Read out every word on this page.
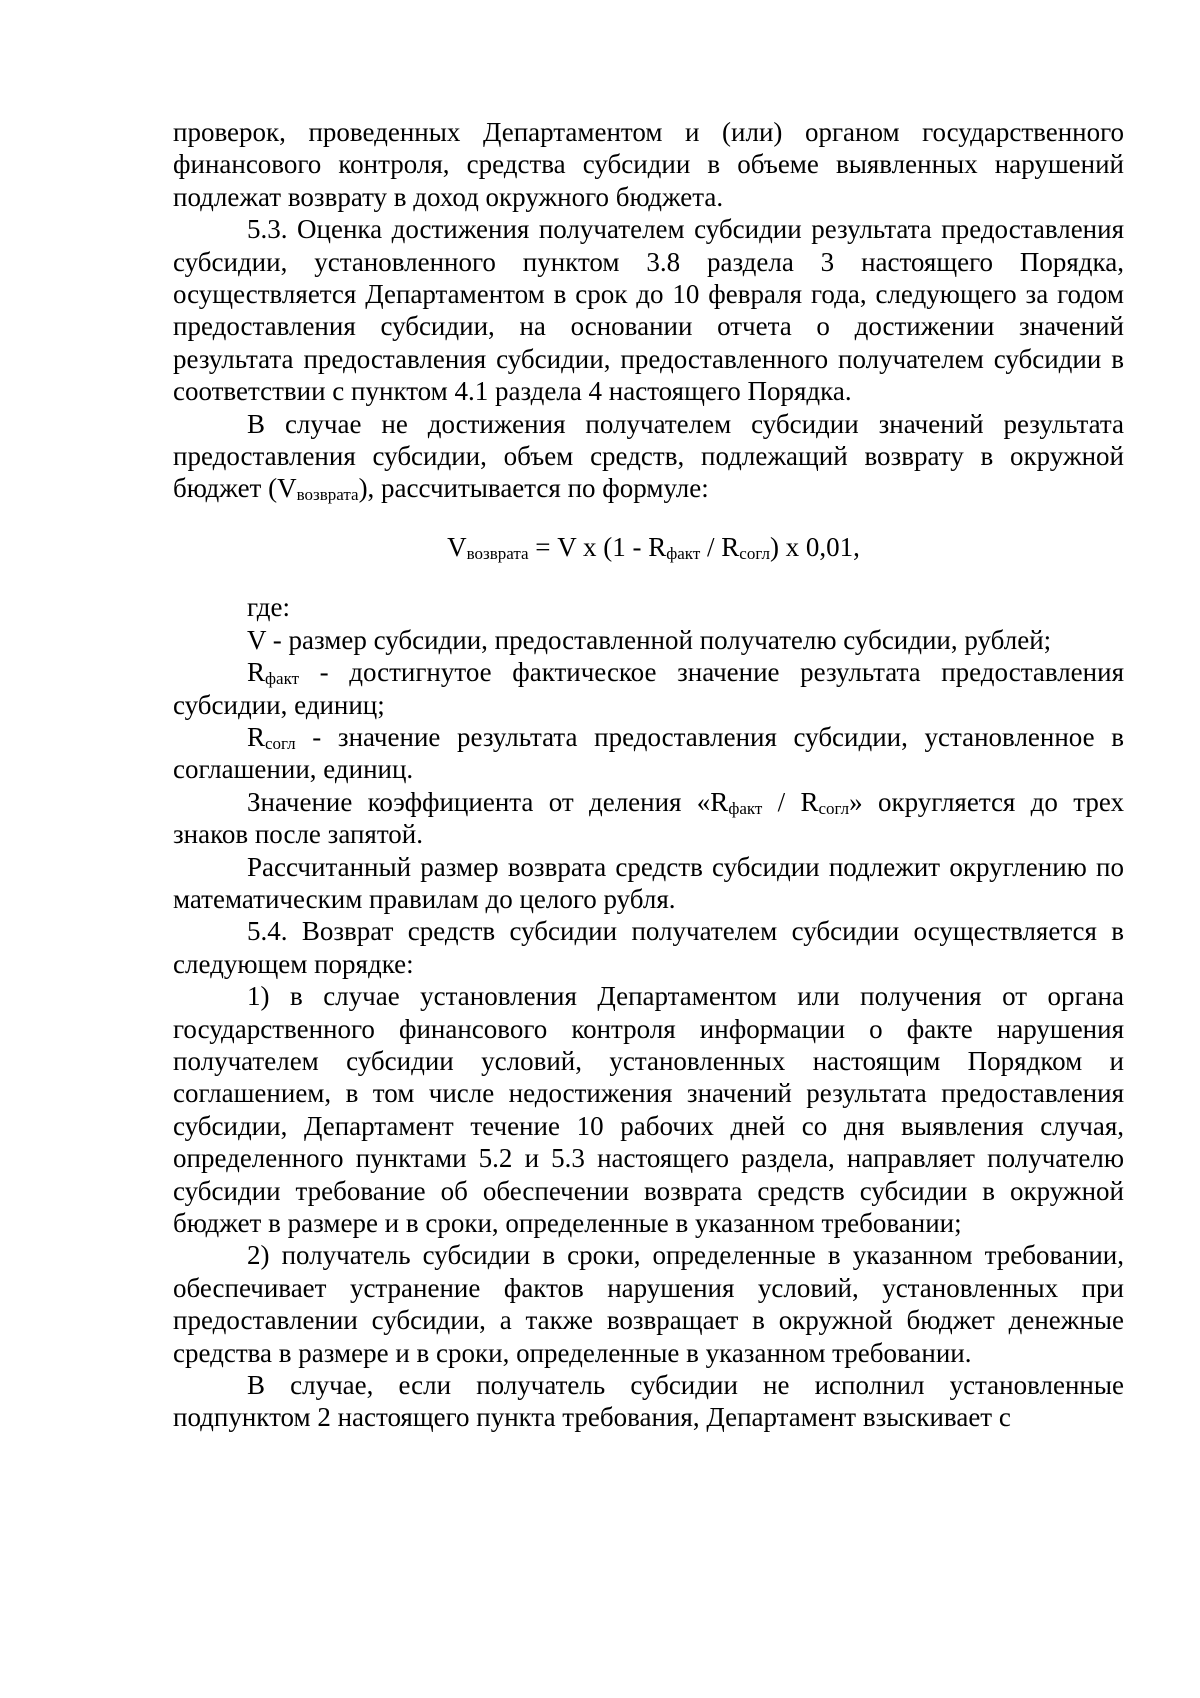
проверок, проведенных Департаментом и (или) органом государственного финансового контроля, средства субсидии в объеме выявленных нарушений подлежат возврату в доход окружного бюджета.

5.3. Оценка достижения получателем субсидии результата предоставления субсидии, установленного пунктом 3.8 раздела 3 настоящего Порядка, осуществляется Департаментом в срок до 10 февраля года, следующего за годом предоставления субсидии, на основании отчета о достижении значений результата предоставления субсидии, предоставленного получателем субсидии в соответствии с пунктом 4.1 раздела 4 настоящего Порядка.

В случае не достижения получателем субсидии значений результата предоставления субсидии, объем средств, подлежащий возврату в окружной бюджет $(V_{возврата})$, рассчитывается по формуле:

$V_{возврата} = V$ x $(1 - R_{факт} / R_{согл})$ x 0,01,

где:

V - размер субсидии, предоставленной получателю субсидии, рублей;

$R_{факт}$ - достигнутое фактическое значение результата предоставления субсидии, единиц;

$R_{согл}$ - значение результата предоставления субсидии, установленное в соглашении, единиц.

Значение коэффициента от деления «$R_{факт} / R_{согл}$» округляется до трех знаков после запятой.

Рассчитанный размер возврата средств субсидии подлежит округлению по математическим правилам до целого рубля.

5.4. Возврат средств субсидии получателем субсидии осуществляется в следующем порядке:

1) в случае установления Департаментом или получения от органа государственного финансового контроля информации о факте нарушения получателем субсидии условий, установленных настоящим Порядком и соглашением, в том числе недостижения значений результата предоставления субсидии, Департамент течение 10 рабочих дней со дня выявления случая, определенного пунктами 5.2 и 5.3 настоящего раздела, направляет получателю субсидии требование об обеспечении возврата средств субсидии в окружной бюджет в размере и в сроки, определенные в указанном требовании;

2) получатель субсидии в сроки, определенные в указанном требовании, обеспечивает устранение фактов нарушения условий, установленных при предоставлении субсидии, а также возвращает в окружной бюджет денежные средства в размере и в сроки, определенные в указанном требовании.

В случае, если получатель субсидии не исполнил установленные подпунктом 2 настоящего пункта требования, Департамент взыскивает с
